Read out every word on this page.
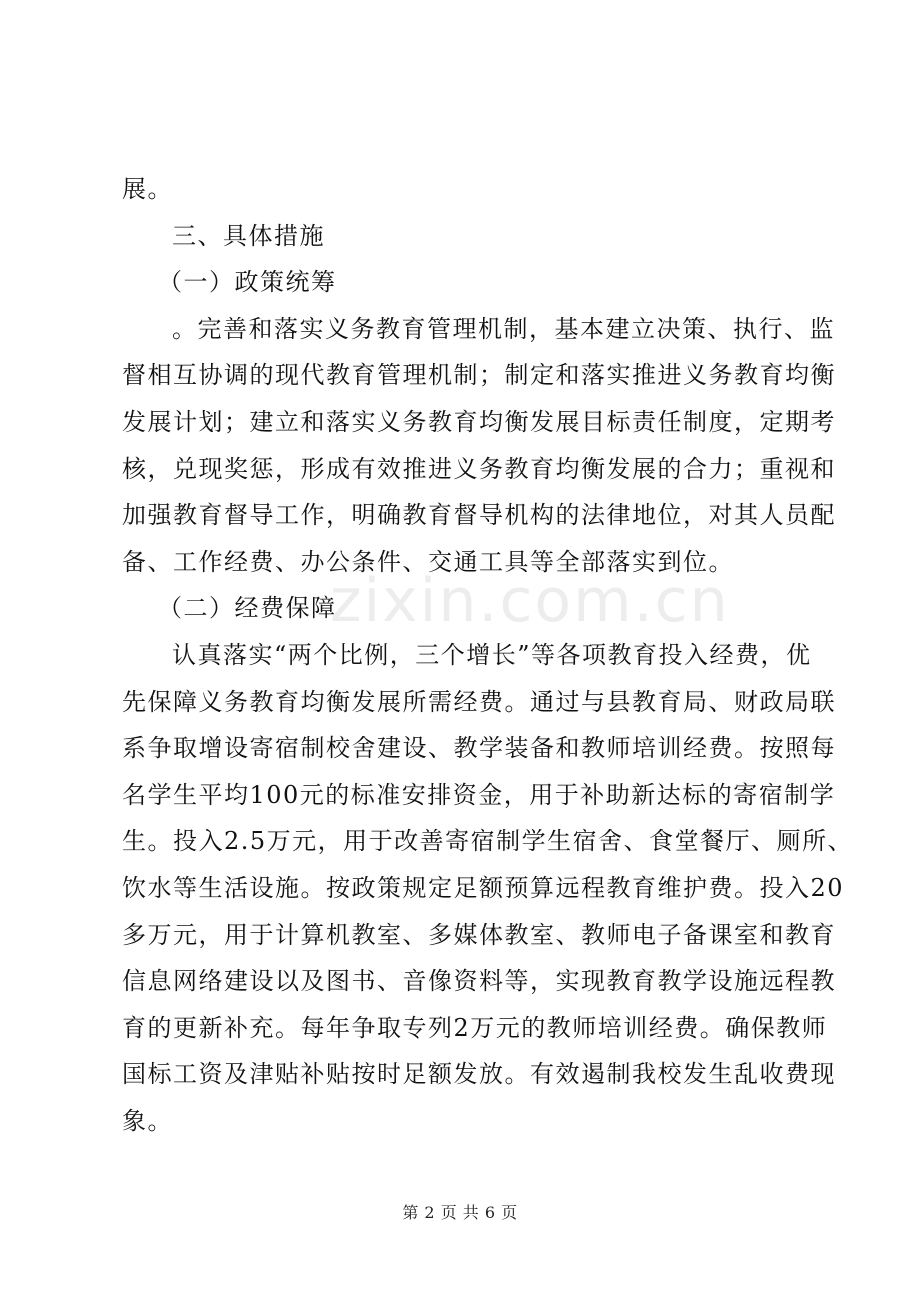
展。
三、具体措施
（一）政策统筹
。完善和落实义务教育管理机制，基本建立决策、执行、监
督相互协调的现代教育管理机制；制定和落实推进义务教育均衡
发展计划；建立和落实义务教育均衡发展目标责任制度，定期考
核，兑现奖惩，形成有效推进义务教育均衡发展的合力；重视和
加强教育督导工作，明确教育督导机构的法律地位，对其人员配
备、工作经费、办公条件、交通工具等全部落实到位。
（二）经费保障
认真落实“两个比例，三个增长”等各项教育投入经费，优
先保障义务教育均衡发展所需经费。通过与县教育局、财政局联
系争取增设寄宿制校舍建设、教学装备和教师培训经费。按照每
名学生平均100元的标准安排资金，用于补助新达标的寄宿制学
生。投入2.5万元，用于改善寄宿制学生宿舍、食堂餐厅、厕所、
饮水等生活设施。按政策规定足额预算远程教育维护费。投入20
多万元，用于计算机教室、多媒体教室、教师电子备课室和教育
信息网络建设以及图书、音像资料等，实现教育教学设施远程教
育的更新补充。每年争取专列2万元的教师培训经费。确保教师
国标工资及津贴补贴按时足额发放。有效遏制我校发生乱收费现
象。
zixin.com.cn
第 2 页 共 6 页
